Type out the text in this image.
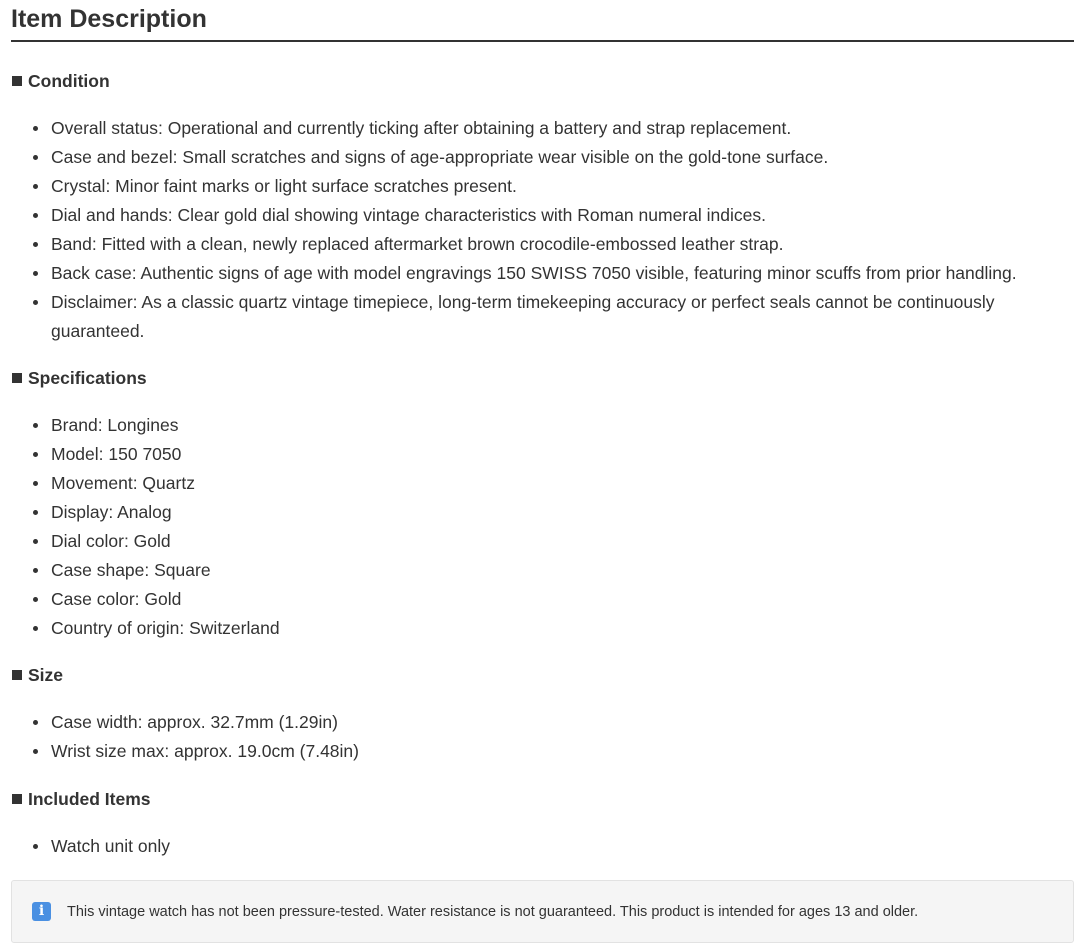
Item Description
Condition
Overall status: Operational and currently ticking after obtaining a battery and strap replacement.
Case and bezel: Small scratches and signs of age-appropriate wear visible on the gold-tone surface.
Crystal: Minor faint marks or light surface scratches present.
Dial and hands: Clear gold dial showing vintage characteristics with Roman numeral indices.
Band: Fitted with a clean, newly replaced aftermarket brown crocodile-embossed leather strap.
Back case: Authentic signs of age with model engravings 150 SWISS 7050 visible, featuring minor scuffs from prior handling.
Disclaimer: As a classic quartz vintage timepiece, long-term timekeeping accuracy or perfect seals cannot be continuously guaranteed.
Specifications
Brand: Longines
Model: 150 7050
Movement: Quartz
Display: Analog
Dial color: Gold
Case shape: Square
Case color: Gold
Country of origin: Switzerland
Size
Case width: approx. 32.7mm (1.29in)
Wrist size max: approx. 19.0cm (7.48in)
Included Items
Watch unit only
i	This vintage watch has not been pressure-tested. Water resistance is not guaranteed. This product is intended for ages 13 and older.
